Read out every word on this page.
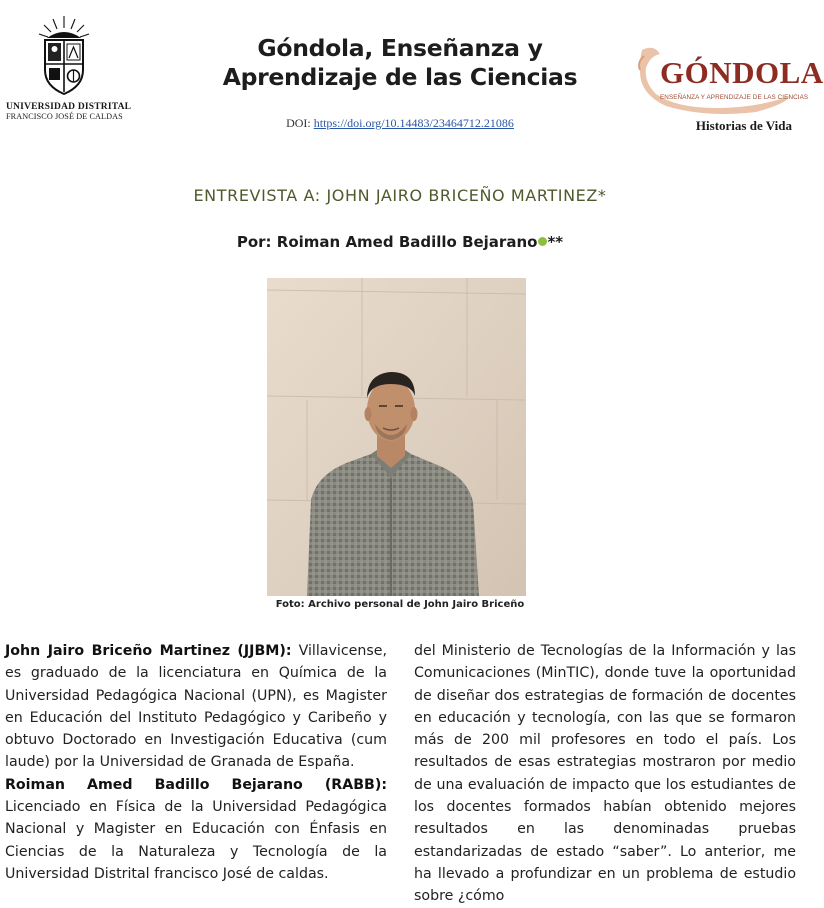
UNIVERSIDAD DISTRITAL
FRANCISCO JOSÉ DE CALDAS
Góndola, Enseñanza y
Aprendizaje de las Ciencias
DOI: https://doi.org/10.14483/23464712.21086
GÓNDOLA
ENSEÑANZA Y APRENDIZAJE DE LAS CIENCIAS
Historias de Vida
ENTREVISTA A: JOHN JAIRO BRICEÑO MARTINEZ*
Por: Roiman Amed Badillo Bejarano **
Foto: Archivo personal de John Jairo Briceño

John Jairo Briceño Martinez (JJBM): Villavicense, es graduado de la licenciatura en Química de la Universidad Pedagógica Nacional (UPN), es Magister en Educación del Instituto Pedagógico y Caribeño y obtuvo Doctorado en Investigación Educativa (cum laude) por la Universidad de Granada de España.

Roiman Amed Badillo Bejarano (RABB): Licenciado en Física de la Universidad Pedagógica Nacional y Magister en Educación con Énfasis en Ciencias de la Naturaleza y Tecnología de la Universidad Distrital francisco José de caldas.

del Ministerio de Tecnologías de la Información y las Comunicaciones (MinTIC), donde tuve la oportunidad de diseñar dos estrategias de formación de docentes en educación y tecnología, con las que se formaron más de 200 mil profesores en todo el país. Los resultados de esas estrategias mostraron por medio de una evaluación de impacto que los estudiantes de los docentes formados habían obtenido mejores resultados en las denominadas pruebas estandarizadas de estado “saber”. Lo anterior, me ha llevado a profundizar en un problema de estudio sobre ¿cómo
